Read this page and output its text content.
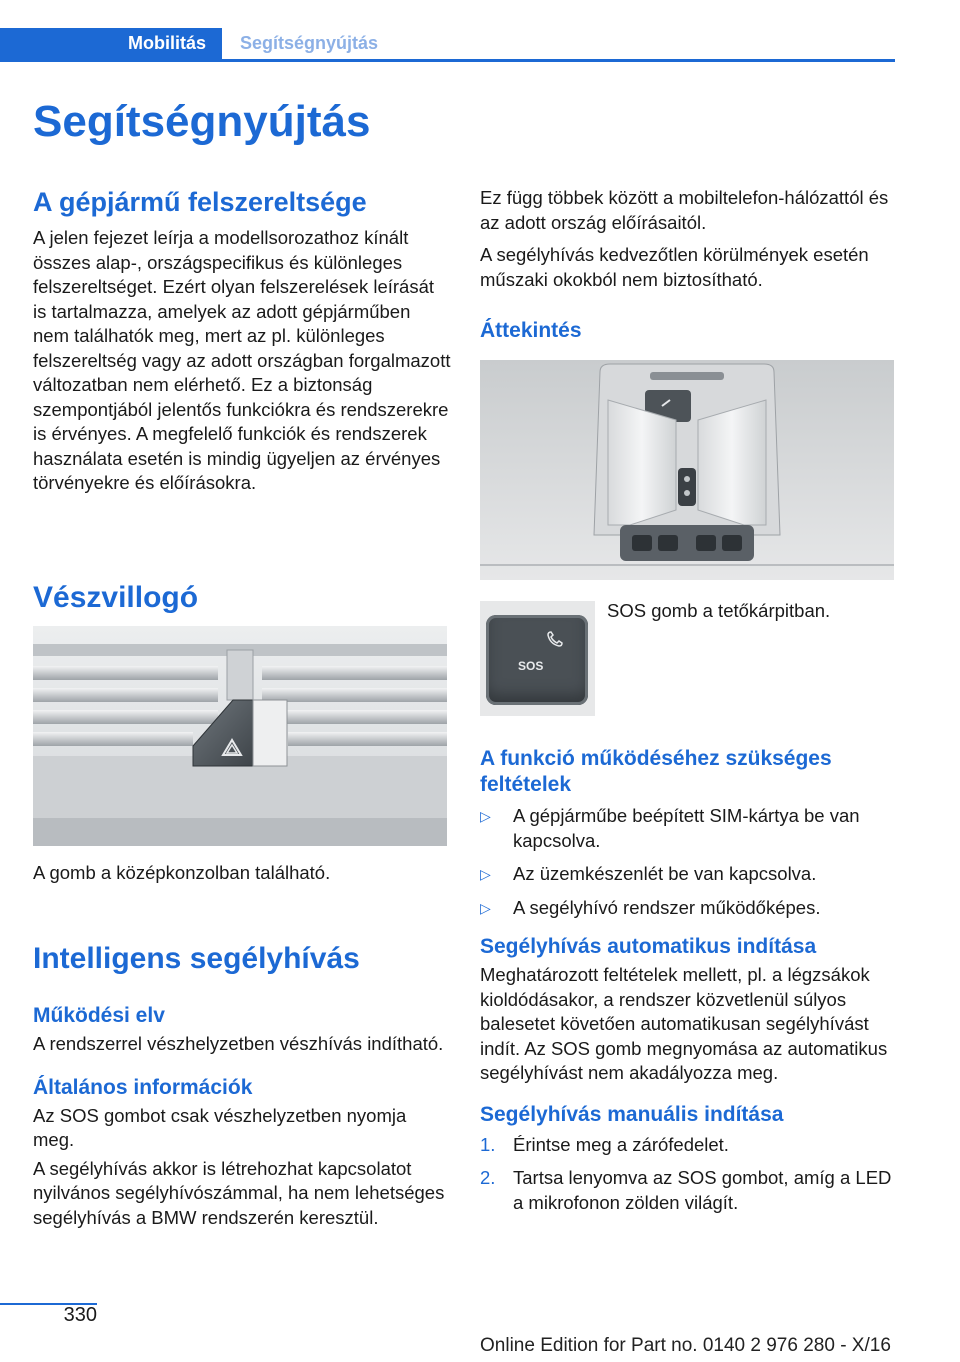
Mobilitás	Segítségnyújtás
Segítségnyújtás
A gépjármű felszereltsége

A jelen fejezet leírja a modellsorozathoz kínált összes alap-, országspecifikus és különleges felszereltséget. Ezért olyan felszerelések leírását is tartalmazza, amelyek az adott gépjárműben nem találhatók meg, mert az pl. különleges felszereltség vagy az adott országban forgalmazott változatban nem elérhető. Ez a biztonság szempontjából jelentős funkciókra és rendszerekre is érvényes. A megfelelő funkciók és rendszerek használata esetén is mindig ügyeljen az érvényes törvényekre és előírásokra.

Vészvillogó
A gomb a középkonzolban található.
Intelligens segélyhívás
Működési elv

A rendszerrel vészhelyzetben vészhívás indítható.

Általános információk

Az SOS gombot csak vészhelyzetben nyomja meg.

A segélyhívás akkor is létrehozhat kapcsolatot nyilvános segélyhívószámmal, ha nem lehetséges segélyhívás a BMW rendszerén keresztül.

Ez függ többek között a mobiltelefon-hálózattól és az adott ország előírásaitól.

A segélyhívás kedvezőtlen körülmények esetén műszaki okokból nem biztosítható.

Áttekintés
SOS
SOS gomb a tetőkárpitban.
A funkció működéséhez szükséges feltételek
▷ A gépjárműbe beépített SIM-kártya be van kapcsolva.
▷ Az üzemkészenlét be van kapcsolva.
▷ A segélyhívó rendszer működőképes.
Segélyhívás automatikus indítása

Meghatározott feltételek mellett, pl. a légzsákok kioldódásakor, a rendszer közvetlenül súlyos balesetet követően automatikusan segélyhívást indít. Az SOS gomb megnyomása az automatikus segélyhívást nem akadályozza meg.

Segélyhívás manuális indítása
1. Érintse meg a zárófedelet.
2. Tartsa lenyomva az SOS gombot, amíg a LED a mikrofonon zölden világít.
330
Online Edition for Part no. 0140 2 976 280 - X/16
